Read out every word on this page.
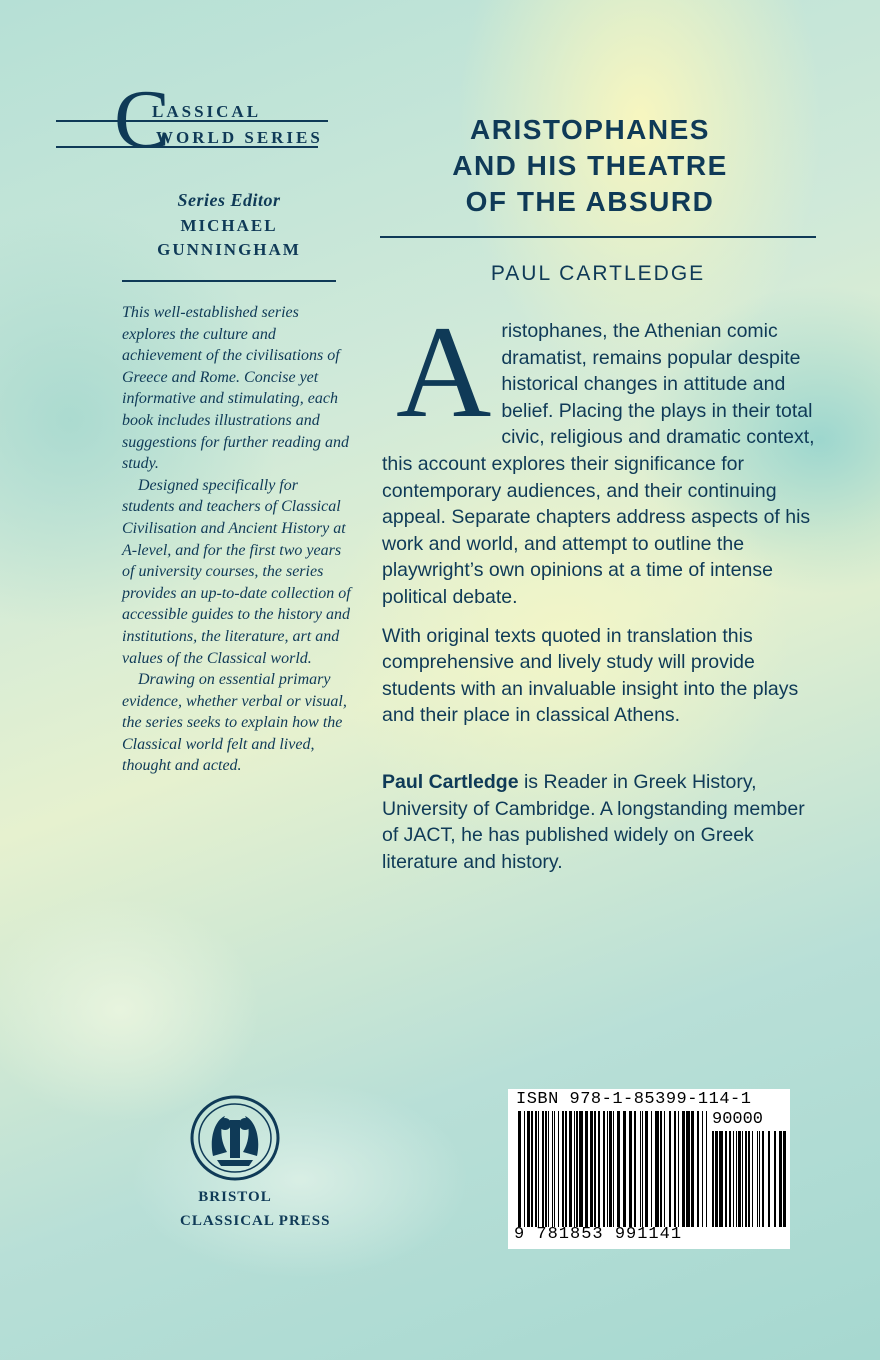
C
LASSICAL
WORLD SERIES
Series Editor
MICHAEL
GUNNINGHAM

This well-established series explores the culture and achievement of the civilisations of Greece and Rome. Concise yet informative and stimulating, each book includes illustrations and suggestions for further reading and study.

Designed specifically for students and teachers of Classical Civilisation and Ancient History at A-level, and for the first two years of university courses, the series provides an up-to-date collection of accessible guides to the history and institutions, the literature, art and values of the Classical world.

Drawing on essential primary evidence, whether verbal or visual, the series seeks to explain how the Classical world felt and lived, thought and acted.

ARISTOPHANES
AND HIS THEATRE
OF THE ABSURD
PAUL CARTLEDGE

Aristophanes, the Athenian comic dramatist, remains popular despite historical changes in attitude and belief. Placing the plays in their total civic, religious and dramatic context, this account explores their significance for contemporary audiences, and their continuing appeal. Separate chapters address aspects of his work and world, and attempt to outline the playwright’s own opinions at a time of intense political debate.

With original texts quoted in translation this comprehensive and lively study will provide students with an invaluable insight into the plays and their place in classical Athens.

Paul Cartledge is Reader in Greek History, University of Cambridge. A longstanding member of JACT, he has published widely on Greek literature and history.

BRISTOL
CLASSICAL PRESS
ISBN 978-1-85399-114-1
90000
9 781853 991141
